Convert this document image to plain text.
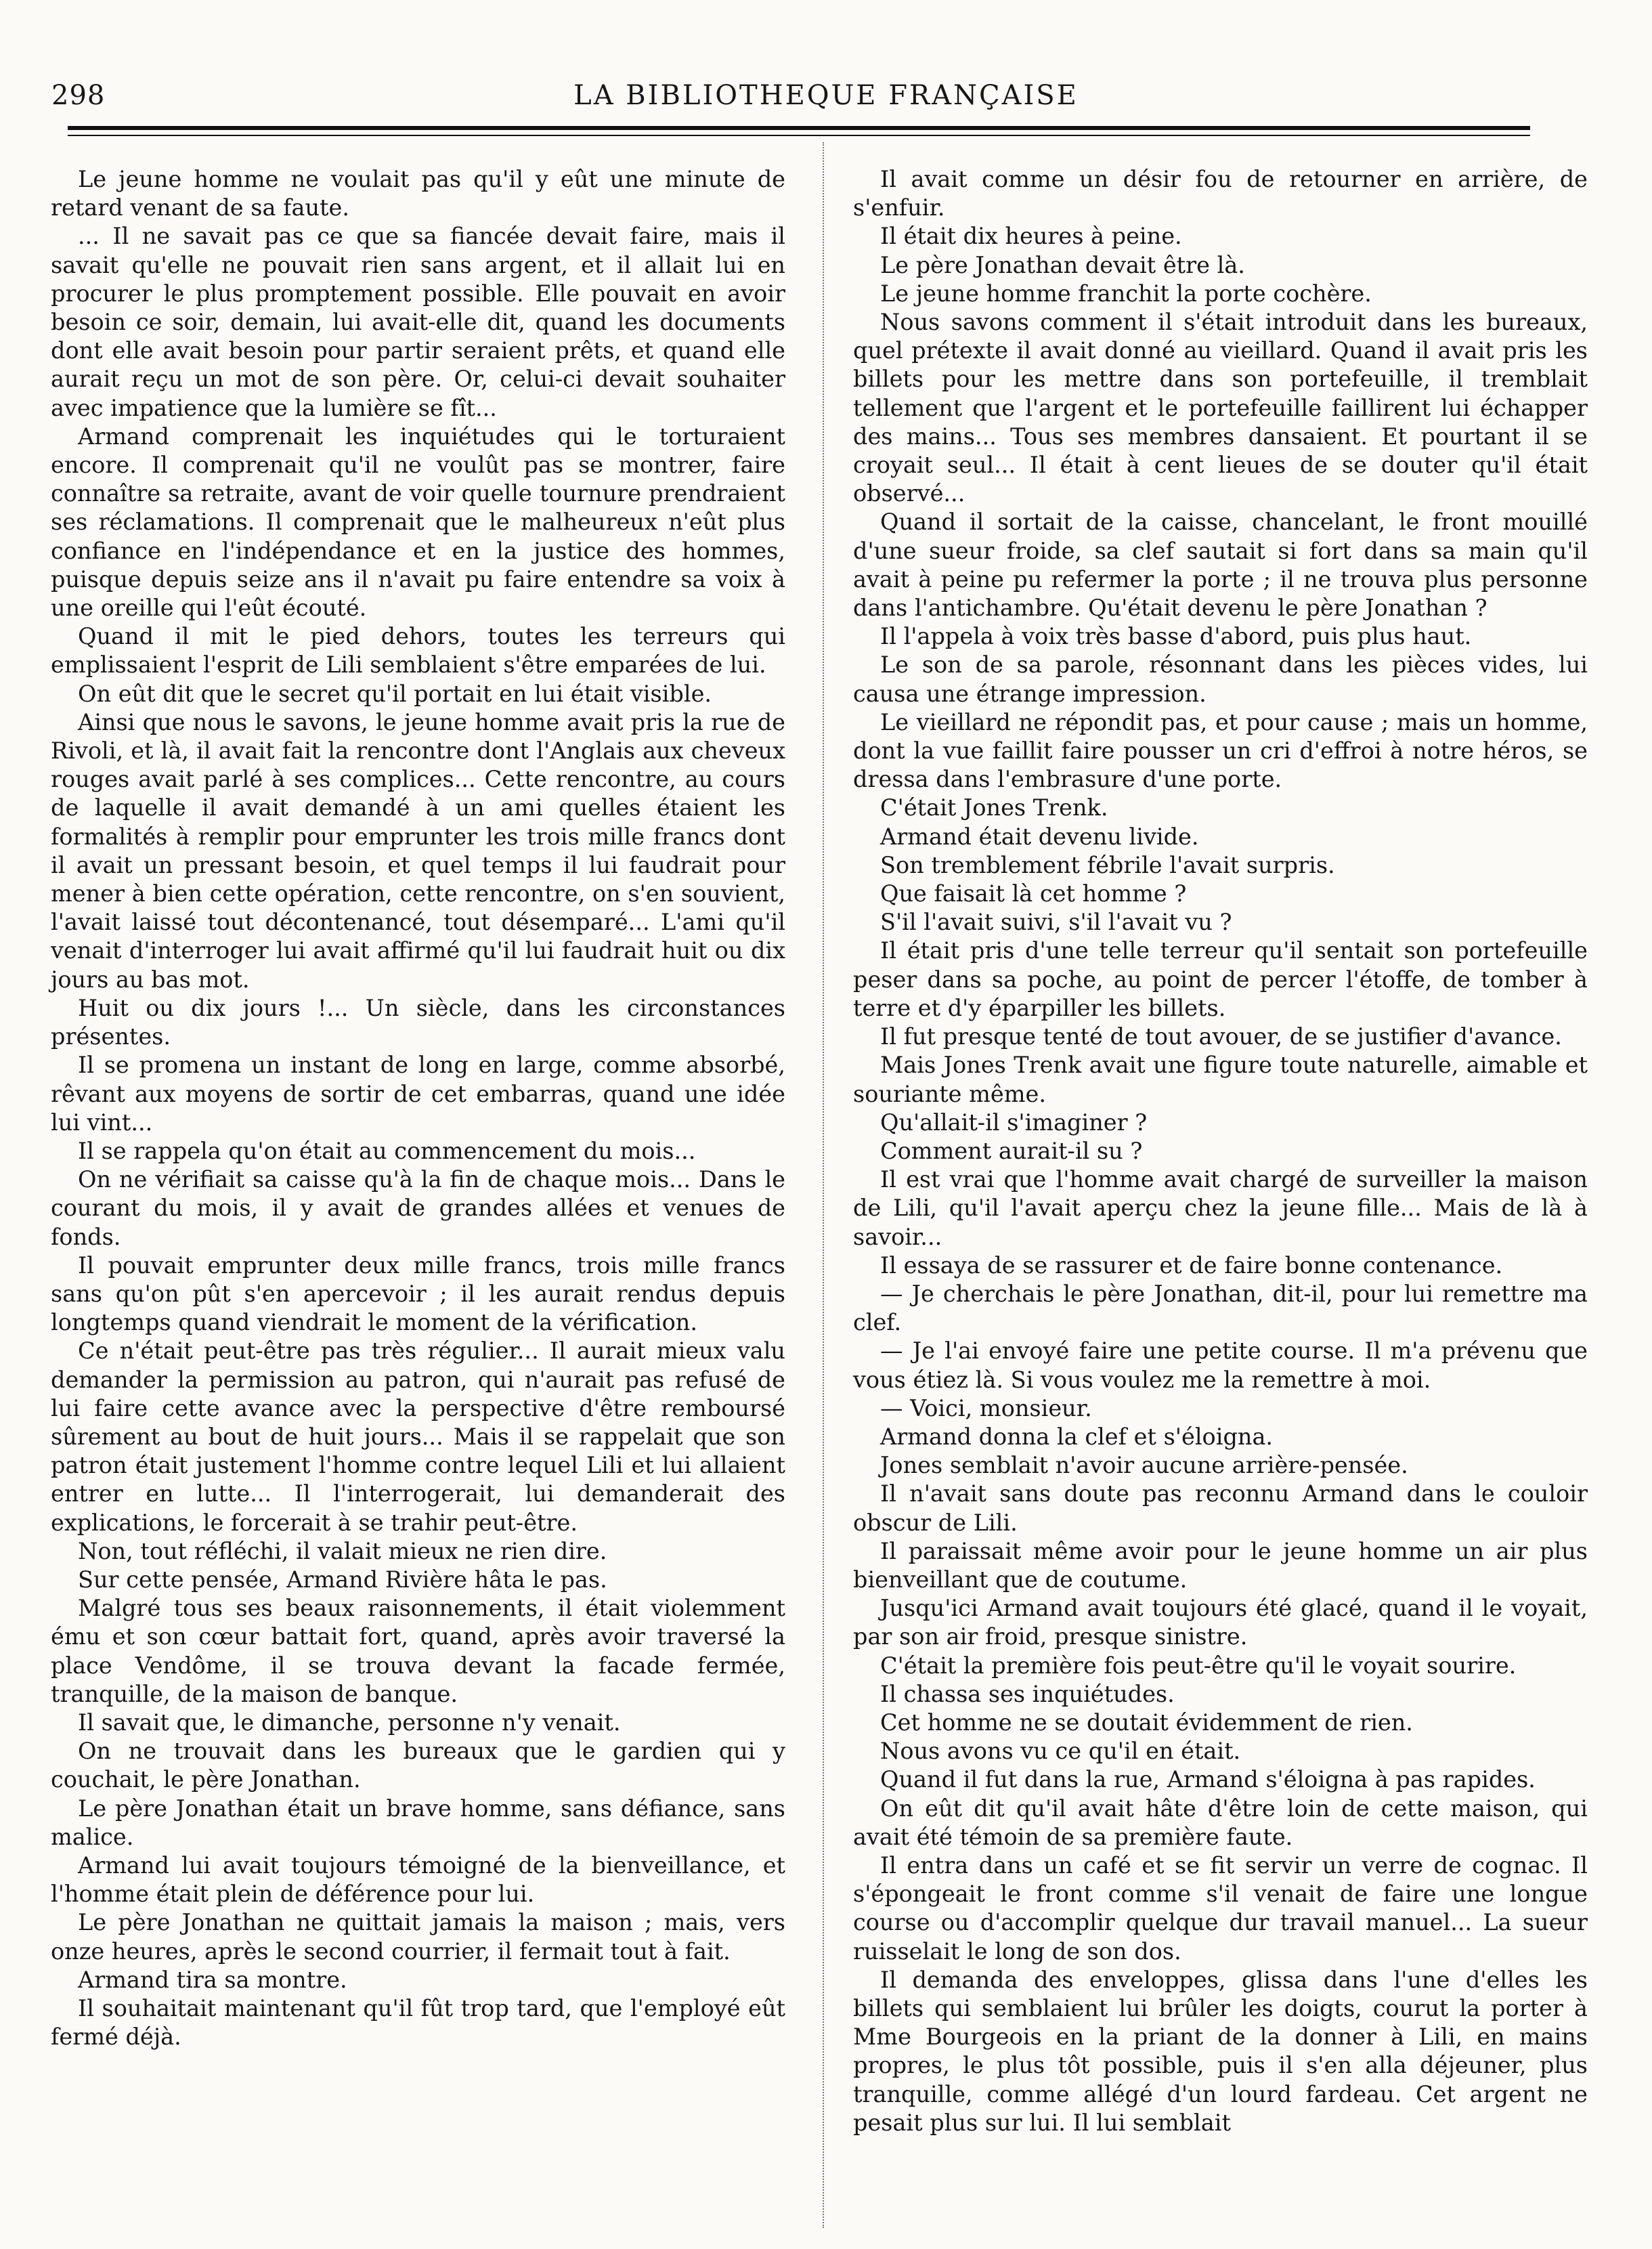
298	LA BIBLIOTHEQUE FRANÇAISE

Le jeune homme ne voulait pas qu'il y eût une minute de retard venant de sa faute.

... Il ne savait pas ce que sa fiancée devait faire, mais il savait qu'elle ne pouvait rien sans argent, et il allait lui en procurer le plus promptement possible. Elle pouvait en avoir besoin ce soir, demain, lui avait-elle dit, quand les documents dont elle avait besoin pour partir seraient prêts, et quand elle aurait reçu un mot de son père. Or, celui-ci devait souhaiter avec impatience que la lumière se fît...

Armand comprenait les inquiétudes qui le torturaient encore. Il comprenait qu'il ne voulût pas se montrer, faire connaître sa retraite, avant de voir quelle tournure prendraient ses réclamations. Il comprenait que le malheureux n'eût plus confiance en l'indépendance et en la justice des hommes, puisque depuis seize ans il n'avait pu faire entendre sa voix à une oreille qui l'eût écouté.

Quand il mit le pied dehors, toutes les terreurs qui emplissaient l'esprit de Lili semblaient s'être emparées de lui.

On eût dit que le secret qu'il portait en lui était visible.

Ainsi que nous le savons, le jeune homme avait pris la rue de Rivoli, et là, il avait fait la rencontre dont l'Anglais aux cheveux rouges avait parlé à ses complices... Cette rencontre, au cours de laquelle il avait demandé à un ami quelles étaient les formalités à remplir pour emprunter les trois mille francs dont il avait un pressant besoin, et quel temps il lui faudrait pour mener à bien cette opération, cette rencontre, on s'en souvient, l'avait laissé tout décontenancé, tout désemparé... L'ami qu'il venait d'interroger lui avait affirmé qu'il lui faudrait huit ou dix jours au bas mot.

Huit ou dix jours !... Un siècle, dans les circonstances présentes.

Il se promena un instant de long en large, comme absorbé, rêvant aux moyens de sortir de cet embarras, quand une idée lui vint...

Il se rappela qu'on était au commencement du mois...

On ne vérifiait sa caisse qu'à la fin de chaque mois... Dans le courant du mois, il y avait de grandes allées et venues de fonds.

Il pouvait emprunter deux mille francs, trois mille francs sans qu'on pût s'en apercevoir ; il les aurait rendus depuis longtemps quand viendrait le moment de la vérification.

Ce n'était peut-être pas très régulier... Il aurait mieux valu demander la permission au patron, qui n'aurait pas refusé de lui faire cette avance avec la perspective d'être remboursé sûrement au bout de huit jours... Mais il se rappelait que son patron était justement l'homme contre lequel Lili et lui allaient entrer en lutte... Il l'interrogerait, lui demanderait des explications, le forcerait à se trahir peut-être.

Non, tout réfléchi, il valait mieux ne rien dire.

Sur cette pensée, Armand Rivière hâta le pas.

Malgré tous ses beaux raisonnements, il était violemment ému et son cœur battait fort, quand, après avoir traversé la place Vendôme, il se trouva devant la facade fermée, tranquille, de la maison de banque.

Il savait que, le dimanche, personne n'y venait.

On ne trouvait dans les bureaux que le gardien qui y couchait, le père Jonathan.

Le père Jonathan était un brave homme, sans défiance, sans malice.

Armand lui avait toujours témoigné de la bienveillance, et l'homme était plein de déférence pour lui.

Le père Jonathan ne quittait jamais la maison ; mais, vers onze heures, après le second courrier, il fermait tout à fait.

Armand tira sa montre.

Il souhaitait maintenant qu'il fût trop tard, que l'employé eût fermé déjà.

Il avait comme un désir fou de retourner en arrière, de s'enfuir.

Il était dix heures à peine.

Le père Jonathan devait être là.

Le jeune homme franchit la porte cochère.

Nous savons comment il s'était introduit dans les bureaux, quel prétexte il avait donné au vieillard. Quand il avait pris les billets pour les mettre dans son portefeuille, il tremblait tellement que l'argent et le portefeuille faillirent lui échapper des mains... Tous ses membres dansaient. Et pourtant il se croyait seul... Il était à cent lieues de se douter qu'il était observé...

Quand il sortait de la caisse, chancelant, le front mouillé d'une sueur froide, sa clef sautait si fort dans sa main qu'il avait à peine pu refermer la porte ; il ne trouva plus personne dans l'antichambre. Qu'était devenu le père Jonathan ?

Il l'appela à voix très basse d'abord, puis plus haut.

Le son de sa parole, résonnant dans les pièces vides, lui causa une étrange impression.

Le vieillard ne répondit pas, et pour cause ; mais un homme, dont la vue faillit faire pousser un cri d'effroi à notre héros, se dressa dans l'embrasure d'une porte.

C'était Jones Trenk.

Armand était devenu livide.

Son tremblement fébrile l'avait surpris.

Que faisait là cet homme ?

S'il l'avait suivi, s'il l'avait vu ?

Il était pris d'une telle terreur qu'il sentait son portefeuille peser dans sa poche, au point de percer l'étoffe, de tomber à terre et d'y éparpiller les billets.

Il fut presque tenté de tout avouer, de se justifier d'avance.

Mais Jones Trenk avait une figure toute naturelle, aimable et souriante même.

Qu'allait-il s'imaginer ?

Comment aurait-il su ?

Il est vrai que l'homme avait chargé de surveiller la maison de Lili, qu'il l'avait aperçu chez la jeune fille... Mais de là à savoir...

Il essaya de se rassurer et de faire bonne contenance.

— Je cherchais le père Jonathan, dit-il, pour lui remettre ma clef.

— Je l'ai envoyé faire une petite course. Il m'a prévenu que vous étiez là. Si vous voulez me la remettre à moi.

— Voici, monsieur.

Armand donna la clef et s'éloigna.

Jones semblait n'avoir aucune arrière-pensée.

Il n'avait sans doute pas reconnu Armand dans le couloir obscur de Lili.

Il paraissait même avoir pour le jeune homme un air plus bienveillant que de coutume.

Jusqu'ici Armand avait toujours été glacé, quand il le voyait, par son air froid, presque sinistre.

C'était la première fois peut-être qu'il le voyait sourire.

Il chassa ses inquiétudes.

Cet homme ne se doutait évidemment de rien.

Nous avons vu ce qu'il en était.

Quand il fut dans la rue, Armand s'éloigna à pas rapides.

On eût dit qu'il avait hâte d'être loin de cette maison, qui avait été témoin de sa première faute.

Il entra dans un café et se fit servir un verre de cognac. Il s'épongeait le front comme s'il venait de faire une longue course ou d'accomplir quelque dur travail manuel... La sueur ruisselait le long de son dos.

Il demanda des enveloppes, glissa dans l'une d'elles les billets qui semblaient lui brûler les doigts, courut la porter à Mme Bourgeois en la priant de la donner à Lili, en mains propres, le plus tôt possible, puis il s'en alla déjeuner, plus tranquille, comme allégé d'un lourd fardeau. Cet argent ne pesait plus sur lui. Il lui semblait
